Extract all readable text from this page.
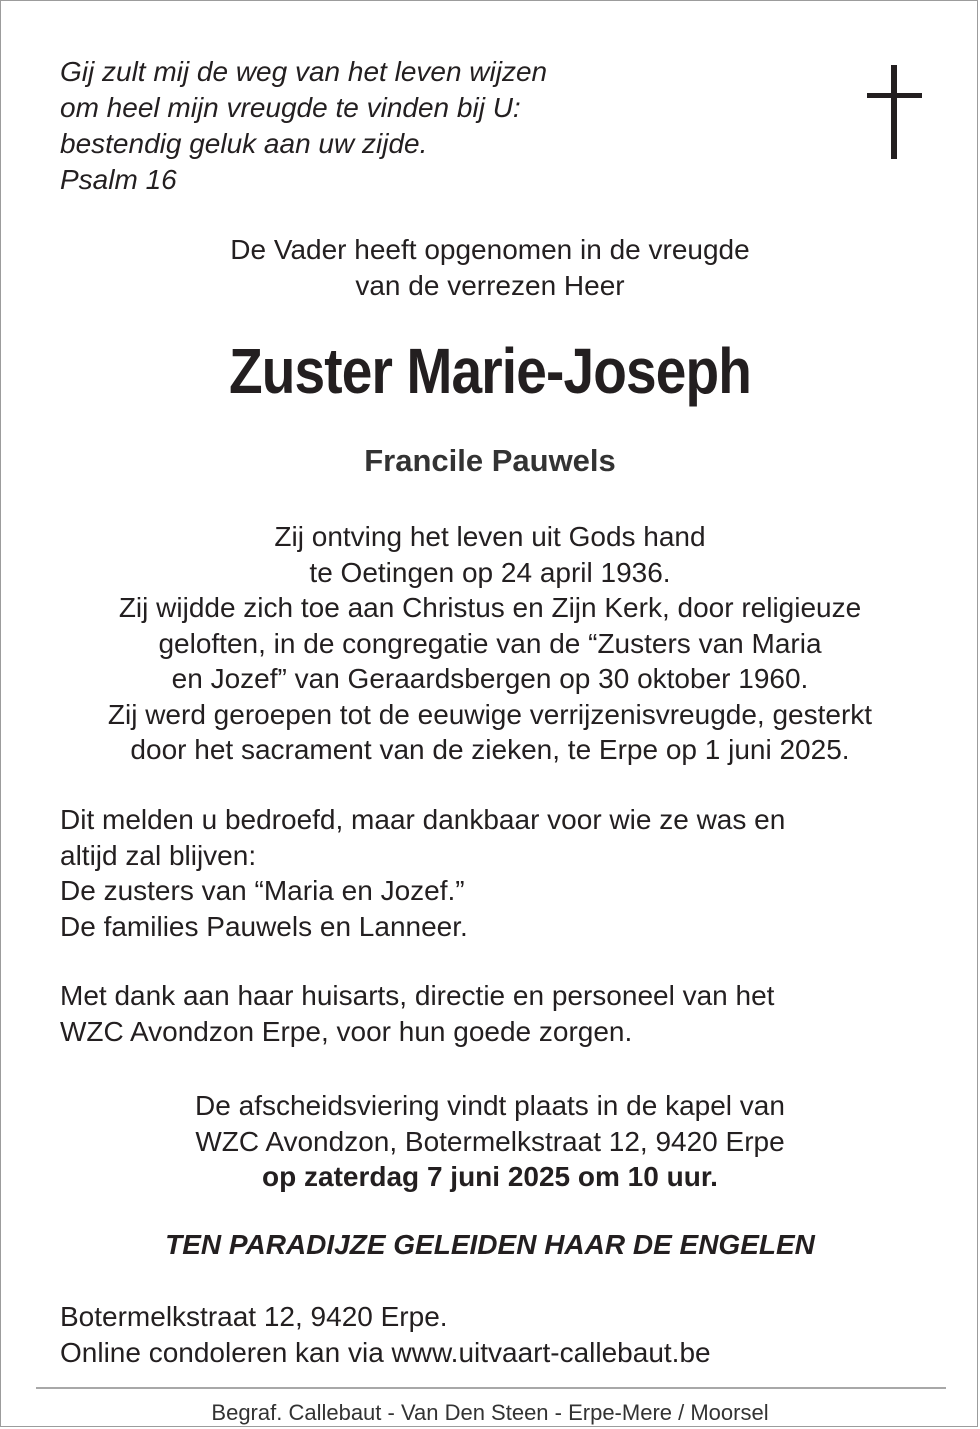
Gij zult mij de weg van het leven wijzen
om heel mijn vreugde te vinden bij U:
bestendig geluk aan uw zijde.
Psalm 16
De Vader heeft opgenomen in de vreugde
van de verrezen Heer
Zuster Marie-Joseph
Francile Pauwels
Zij ontving het leven uit Gods hand
te Oetingen op 24 april 1936.
Zij wijdde zich toe aan Christus en Zijn Kerk, door religieuze
geloften, in de congregatie van de “Zusters van Maria
en Jozef” van Geraardsbergen op 30 oktober 1960.
Zij werd geroepen tot de eeuwige verrijzenisvreugde, gesterkt
door het sacrament van de zieken, te Erpe op 1 juni 2025.
Dit melden u bedroefd, maar dankbaar voor wie ze was en
altijd zal blijven:
De zusters van “Maria en Jozef.”
De families Pauwels en Lanneer.
Met dank aan haar huisarts, directie en personeel van het
WZC Avondzon Erpe, voor hun goede zorgen.
De afscheidsviering vindt plaats in de kapel van
WZC Avondzon, Botermelkstraat 12, 9420 Erpe
op zaterdag 7 juni 2025 om 10 uur.
TEN PARADIJZE GELEIDEN HAAR DE ENGELEN
Botermelkstraat 12, 9420 Erpe.
Online condoleren kan via www.uitvaart-callebaut.be
Begraf. Callebaut - Van Den Steen - Erpe-Mere / Moorsel
